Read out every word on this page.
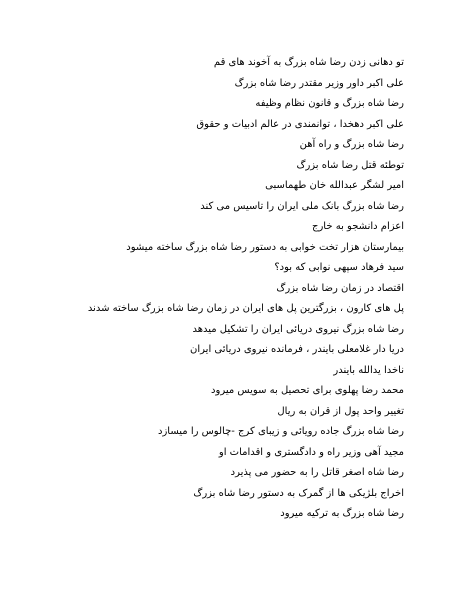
تو دهانی زدن رضا شاه بزرگ به آخوند های قم
علی اکبر داور وزیر مقتدر رضا شاه بزرگ
رضا شاه بزرگ و قانون نظام وظیفه
علی اکبر دهخدا ، توانمندی در عالم ادبیات و حقوق
رضا شاه بزرگ و راه آهن
توطئه قتل رضا شاه بزرگ
امیر لشگر عبدالله خان طهماسبی
رضا شاه بزرگ بانک ملی ایران را تاسیس می کند
اعزام دانشجو به خارج
بیمارستان هزار تخت خوابی به دستور رضا شاه بزرگ ساخته میشود
سید فرهاد سپهی نوابی که بود؟
اقتصاد در زمان رضا شاه بزرگ
پل های کارون ، بزرگترین پل های ایران در زمان رضا شاه بزرگ ساخته شدند
رضا شاه بزرگ نیروی دریائی ایران را تشکیل میدهد
دریا دار غلامعلی بایندر ، فرمانده نیروی دریائی ایران
ناخدا یدالله بایندر
محمد رضا پهلوی برای تحصیل به سویس میرود
تغییر واحد پول از قران به ریال
رضا شاه بزرگ جاده رویائی و زیبای کرج -چالوس را میسازد
مجید آهی وزیر راه و دادگستری و اقدامات او
رضا شاه اصغر قاتل را به حضور می پذیرد
اخراج بلژیکی ها از گمرک به دستور رضا شاه بزرگ
رضا شاه بزرگ به ترکیه میرود
